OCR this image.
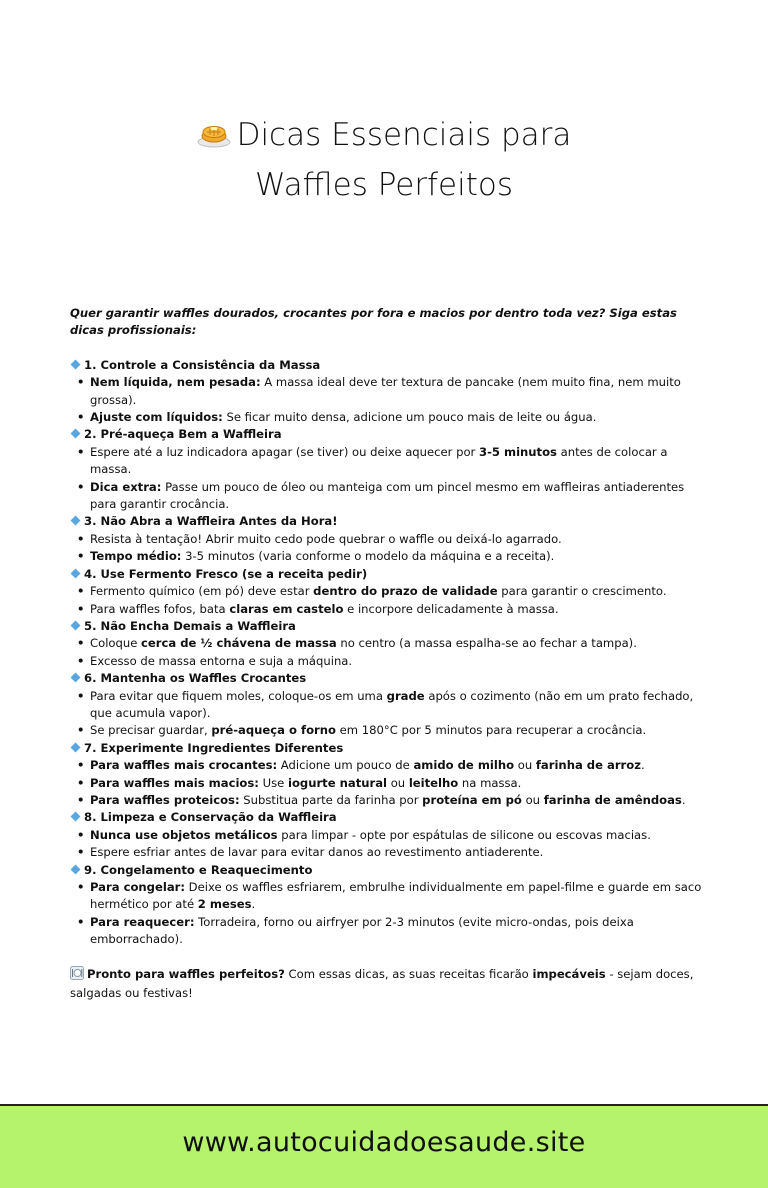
Dicas Essenciais para
Waffles Perfeitos

Quer garantir waffles dourados, crocantes por fora e macios por dentro toda vez? Siga estas dicas profissionais:

1. Controle a Consistência da Massa

• Nem líquida, nem pesada: A massa ideal deve ter textura de pancake (nem muito fina, nem muito grossa).
• Ajuste com líquidos: Se ficar muito densa, adicione um pouco mais de leite ou água.

2. Pré-aqueça Bem a Waffleira

• Espere até a luz indicadora apagar (se tiver) ou deixe aquecer por 3-5 minutos antes de colocar a massa.
• Dica extra: Passe um pouco de óleo ou manteiga com um pincel mesmo em waffleiras antiaderentes para garantir crocância.

3. Não Abra a Waffleira Antes da Hora!

• Resista à tentação! Abrir muito cedo pode quebrar o waffle ou deixá-lo agarrado.
• Tempo médio: 3-5 minutos (varia conforme o modelo da máquina e a receita).

4. Use Fermento Fresco (se a receita pedir)

• Fermento químico (em pó) deve estar dentro do prazo de validade para garantir o crescimento.
• Para waffles fofos, bata claras em castelo e incorpore delicadamente à massa.

5. Não Encha Demais a Waffleira

• Coloque cerca de ½ chávena de massa no centro (a massa espalha-se ao fechar a tampa).
• Excesso de massa entorna e suja a máquina.

6. Mantenha os Waffles Crocantes

• Para evitar que fiquem moles, coloque-os em uma grade após o cozimento (não em um prato fechado, que acumula vapor).
• Se precisar guardar, pré-aqueça o forno em 180°C por 5 minutos para recuperar a crocância.

7. Experimente Ingredientes Diferentes

• Para waffles mais crocantes: Adicione um pouco de amido de milho ou farinha de arroz.
• Para waffles mais macios: Use iogurte natural ou leitelho na massa.
• Para waffles proteicos: Substitua parte da farinha por proteína em pó ou farinha de amêndoas.

8. Limpeza e Conservação da Waffleira

• Nunca use objetos metálicos para limpar - opte por espátulas de silicone ou escovas macias.
• Espere esfriar antes de lavar para evitar danos ao revestimento antiaderente.

9. Congelamento e Reaquecimento

• Para congelar: Deixe os waffles esfriarem, embrulhe individualmente em papel-filme e guarde em saco hermético por até 2 meses.
• Para reaquecer: Torradeira, forno ou airfryer por 2-3 minutos (evite micro-ondas, pois deixa emborrachado).

Pronto para waffles perfeitos? Com essas dicas, as suas receitas ficarão impecáveis - sejam doces, salgadas ou festivas!

www.autocuidadoesaude.site
